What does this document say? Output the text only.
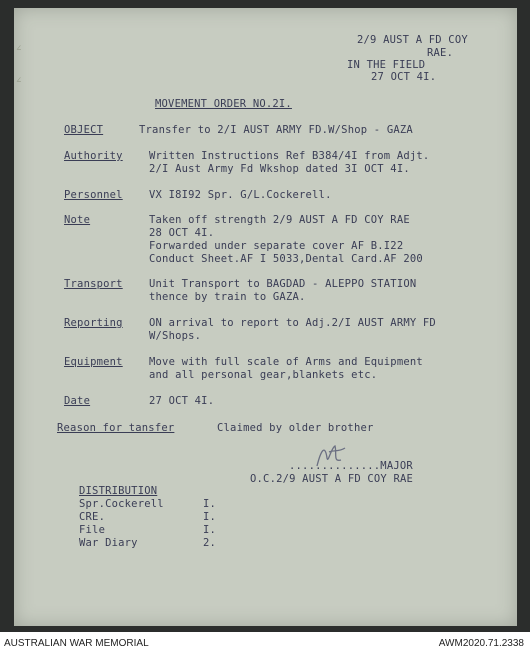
∠
∠
2/9 AUST A FD COY
RAE.
IN THE FIELD
27 OCT 4I.
MOVEMENT ORDER NO.2I.
OBJECT	Transfer to 2/I AUST ARMY FD.W/Shop - GAZA
Authority	Written Instructions Ref B384/4I from Adjt.
2/I Aust Army Fd Wkshop dated 3I OCT 4I.
Personnel	VX I8I92 Spr. G/L.Cockerell.
Note	Taken off strength 2/9 AUST A FD COY RAE
28 OCT 4I.
Forwarded under separate cover AF B.I22
Conduct Sheet.AF I 5033,Dental Card.AF 200
Transport	Unit Transport to BAGDAD - ALEPPO STATION
thence by train to GAZA.
Reporting	ON arrival to report to Adj.2/I AUST ARMY FD
W/Shops.
Equipment	Move with full scale of Arms and Equipment
and all personal gear,blankets etc.
Date	27 OCT 4I.
Reason for tansfer	Claimed by older brother
..............MAJOR
O.C.2/9 AUST A FD COY RAE
DISTRIBUTION
Spr.Cockerell	I.
CRE.	I.
File	I.
War Diary	2.
AUSTRALIAN WAR MEMORIAL	AWM2020.71.2338
